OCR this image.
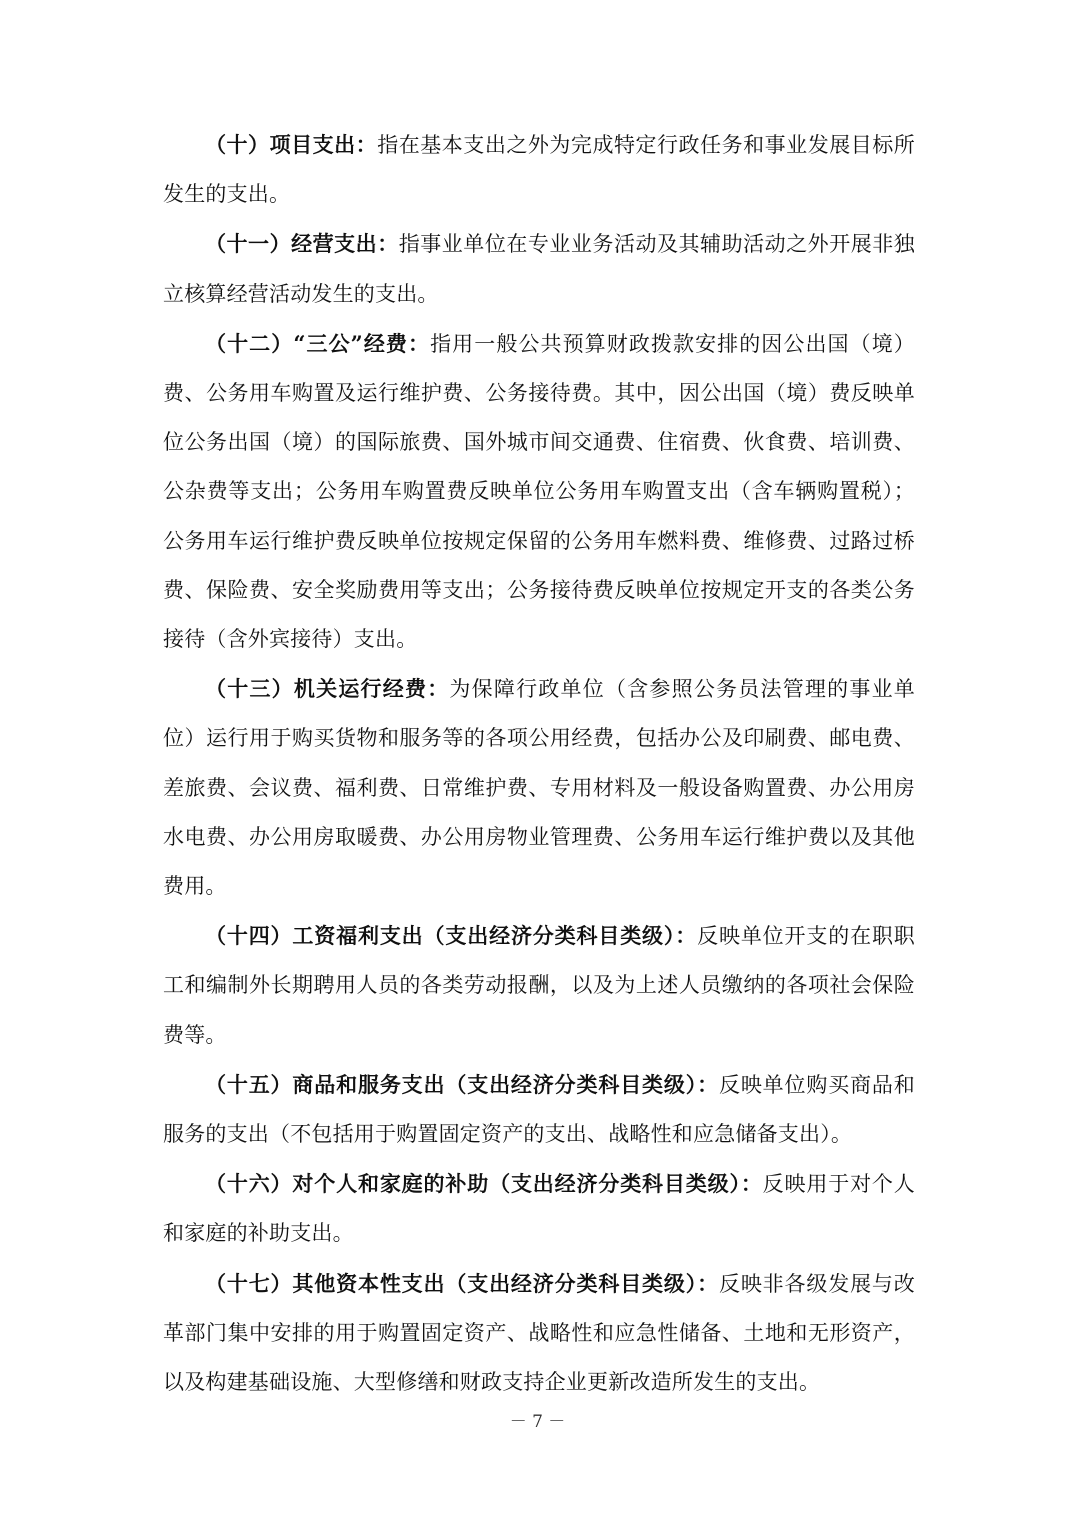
（十）项目支出：指在基本支出之外为完成特定行政任务和事业发展目标所发生的支出。

（十一）经营支出：指事业单位在专业业务活动及其辅助活动之外开展非独立核算经营活动发生的支出。

（十二）“三公”经费：指用一般公共预算财政拨款安排的因公出国（境）费、公务用车购置及运行维护费、公务接待费。其中，因公出国（境）费反映单位公务出国（境）的国际旅费、国外城市间交通费、住宿费、伙食费、培训费、公杂费等支出；公务用车购置费反映单位公务用车购置支出（含车辆购置税）；公务用车运行维护费反映单位按规定保留的公务用车燃料费、维修费、过路过桥费、保险费、安全奖励费用等支出；公务接待费反映单位按规定开支的各类公务接待（含外宾接待）支出。

（十三）机关运行经费：为保障行政单位（含参照公务员法管理的事业单位）运行用于购买货物和服务等的各项公用经费，包括办公及印刷费、邮电费、差旅费、会议费、福利费、日常维护费、专用材料及一般设备购置费、办公用房水电费、办公用房取暖费、办公用房物业管理费、公务用车运行维护费以及其他费用。

（十四）工资福利支出（支出经济分类科目类级）：反映单位开支的在职职工和编制外长期聘用人员的各类劳动报酬，以及为上述人员缴纳的各项社会保险费等。

（十五）商品和服务支出（支出经济分类科目类级）：反映单位购买商品和服务的支出（不包括用于购置固定资产的支出、战略性和应急储备支出）。

（十六）对个人和家庭的补助（支出经济分类科目类级）：反映用于对个人和家庭的补助支出。

（十七）其他资本性支出（支出经济分类科目类级）：反映非各级发展与改革部门集中安排的用于购置固定资产、战略性和应急性储备、土地和无形资产，以及构建基础设施、大型修缮和财政支持企业更新改造所发生的支出。

－ 7 －
